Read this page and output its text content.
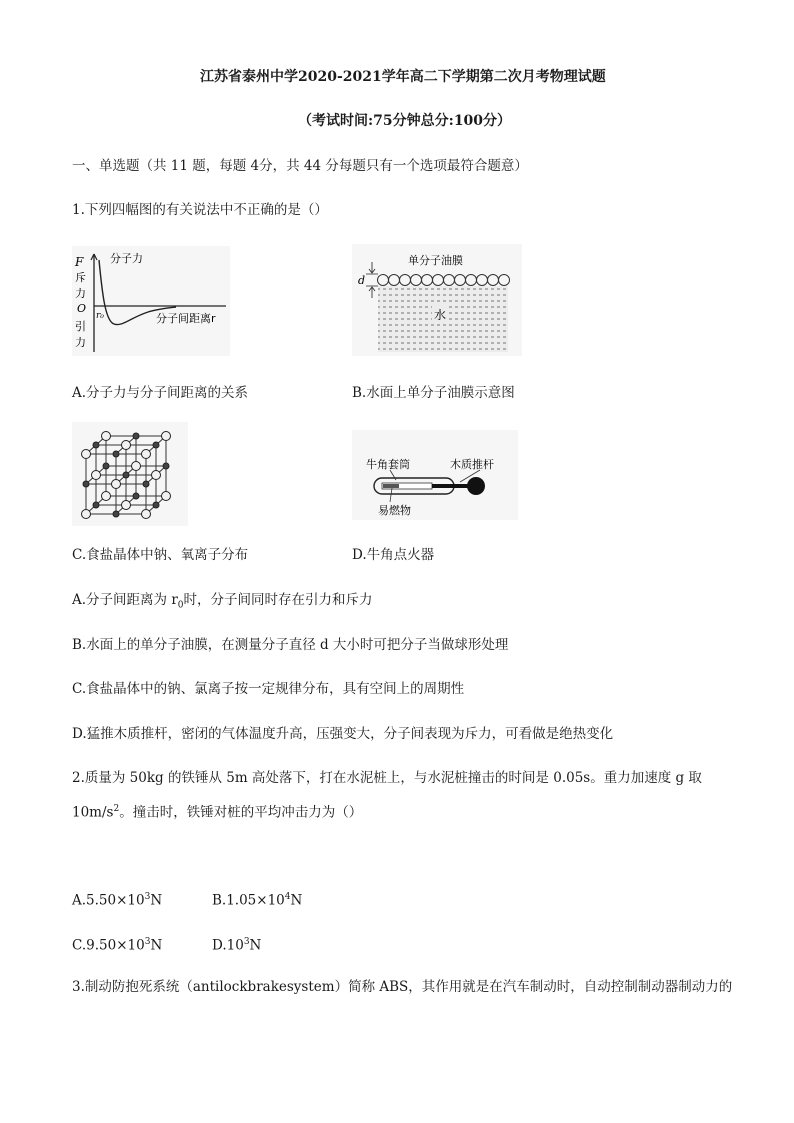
江苏省泰州中学2020-2021学年高二下学期第二次月考物理试题
（考试时间:75分钟总分:100分）
一、单选题（共 11 题，每题 4分，共 44 分每题只有一个选项最符合题意）
1.下列四幅图的有关说法中不正确的是（）
F
斥
力
O
引
力
分子力
r₀	分子间距离r
d
单分子油膜
水
A.分子力与分子间距离的关系	B.水面上单分子油膜示意图
牛角套筒	木质推杆
易燃物
C.食盐晶体中钠、氧离子分布	D.牛角点火器
A.分子间距离为 $r_0$时，分子间同时存在引力和斥力
B.水面上的单分子油膜，在测量分子直径 d 大小时可把分子当做球形处理
C.食盐晶体中的钠、氯离子按一定规律分布，具有空间上的周期性
D.猛推木质推杆，密闭的气体温度升高，压强变大，分子间表现为斥力，可看做是绝热变化
2.质量为 50kg 的铁锤从 5m 高处落下，打在水泥桩上，与水泥桩撞击的时间是 0.05s。重力加速度 g 取
$10m/s^2$。撞击时，铁锤对桩的平均冲击力为（）
$A.5.50\times 10^3N$	$B.1.05\times 10^4N$
$C.9.50\times 10^3N$	$D.10^3N$
3.制动防抱死系统（antilockbrakesystem）简称 ABS，其作用就是在汽车制动时，自动控制制动器制动力的
